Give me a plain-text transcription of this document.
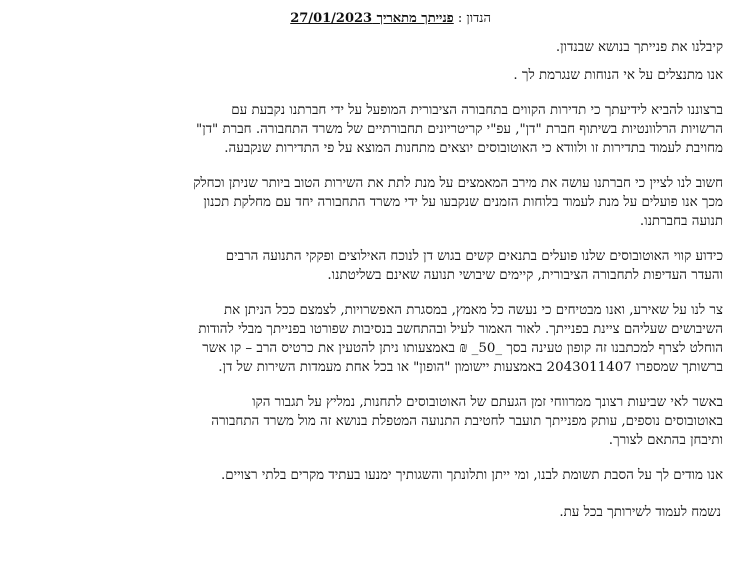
הנדון : פנייתך מתאריך 27/01/2023

קיבלנו את פנייתך בנושא שבנדון.

אנו מתנצלים על אי הנוחות שנגרמת לך .

ברצוננו להביא לידיעתך כי תדירות הקווים בתחבורה הציבורית המופעל על ידי חברתנו נקבעת עם
הרשויות הרלוונטיות בשיתוף חברת "דן", עפ"י קריטריונים תחבורתיים של משרד התחבורה. חברת "דן"
מחויבת לעמוד בתדירות זו ולוודא כי האוטובוסים יוצאים מתחנות המוצא על פי התדירות שנקבעה.

חשוב לנו לציין כי חברתנו עושה את מירב המאמצים על מנת לתת את השירות הטוב ביותר שניתן וכחלק
מכך אנו פועלים על מנת לעמוד בלוחות הזמנים שנקבעו על ידי משרד התחבורה יחד עם מחלקת תכנון
תנועה בחברתנו.

כידוע קווי האוטובוסים שלנו פועלים בתנאים קשים בגוש דן לנוכח האילוצים ופקקי התנועה הרבים
והעדר העדיפות לתחבורה הציבורית, קיימים שיבושי תנועה שאינם בשליטתנו.

צר לנו על שאירע, ואנו מבטיחים כי נעשה כל מאמץ, במסגרת האפשרויות, לצמצם ככל הניתן את
השיבושים שעליהם ציינת בפנייתך. לאור האמור לעיל ובהתחשב בנסיבות שפורטו בפנייתך מבלי להודות
הוחלט לצרף למכתבנו זה קופון טעינה בסך _50_ ₪ באמצעותו ניתן להטעין את כרטיס הרב – קו אשר
ברשותך שמספרו 2043011407 באמצעות יישומון "הופון" או בכל אחת מעמדות השירות של דן.

באשר לאי שביעות רצונך ממרווחי זמן הגעתם של האוטובוסים לתחנות, נמליץ על תגבור הקו
באוטובוסים נוספים, עותק מפנייתך תועבר לחטיבת התנועה המטפלת בנושא זה מול משרד התחבורה
ותיבחן בהתאם לצורך.

אנו מודים לך על הסבת תשומת לבנו, ומי ייתן ותלונתך והשגותיך ימנעו בעתיד מקרים בלתי רצויים.

נשמח לעמוד לשירותך בכל עת.
